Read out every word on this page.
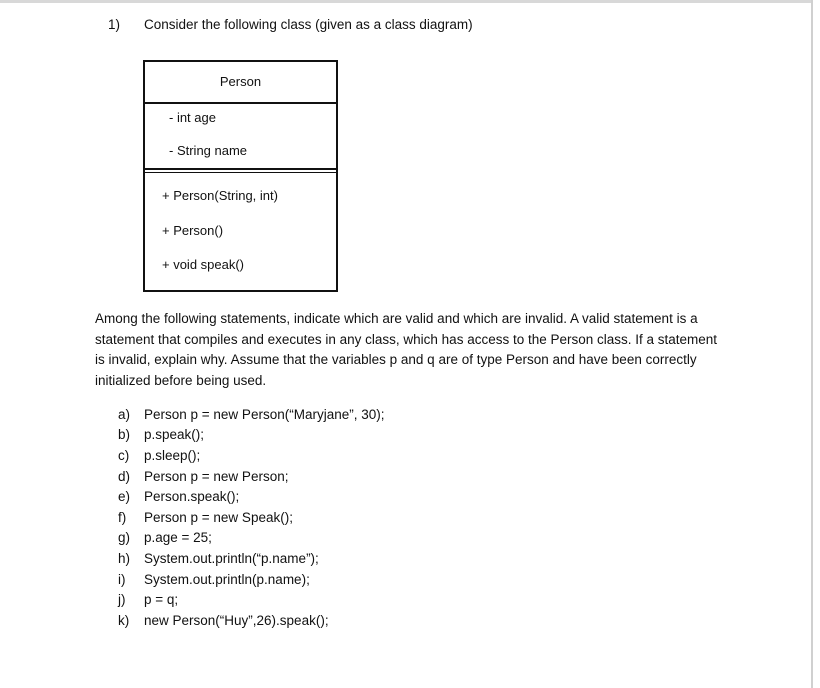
1) Consider the following class (given as a class diagram)
Person
- int age
- String name
+ Person(String, int)
+ Person()
+ void speak()
Among the following statements, indicate which are valid and which are invalid. A valid statement is a
statement that compiles and executes in any class, which has access to the Person class. If a statement
is invalid, explain why. Assume that the variables p and q are of type Person and have been correctly
initialized before being used.
a)	Person p = new Person(“Maryjane”, 30);
b)	p.speak();
c)	p.sleep();
d)	Person p = new Person;
e)	Person.speak();
f)	Person p = new Speak();
g)	p.age = 25;
h)	System.out.println(“p.name”);
i)	System.out.println(p.name);
j)	p = q;
k)	new Person(“Huy”,26).speak();
